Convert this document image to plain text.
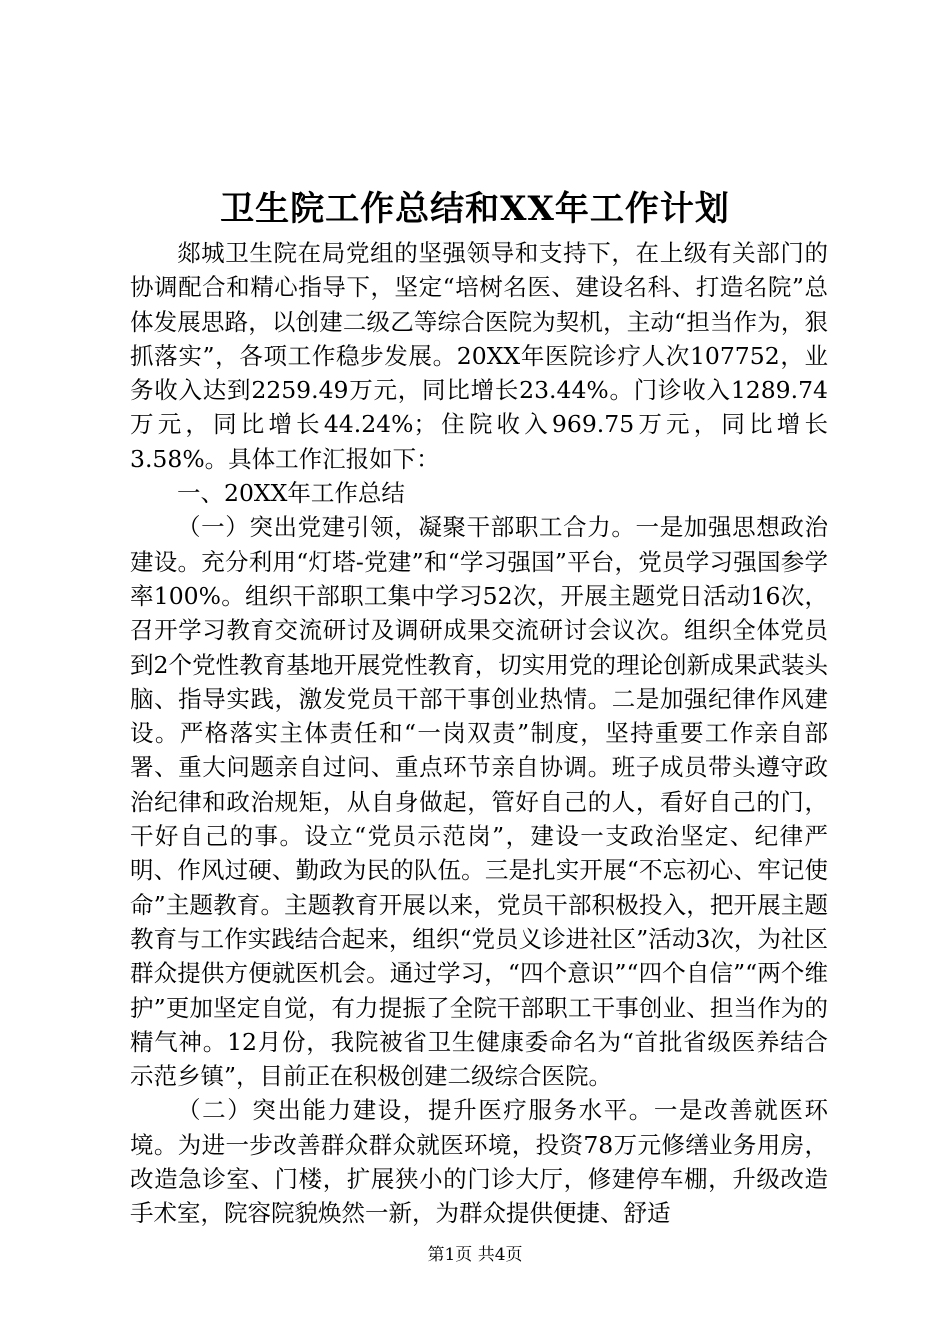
卫生院工作总结和XX年工作计划

郯城卫生院在局党组的坚强领导和支持下，在上级有关部门的协调配合和精心指导下，坚定“培树名医、建设名科、打造名院”总体发展思路，以创建二级乙等综合医院为契机，主动“担当作为，狠抓落实”，各项工作稳步发展。20XX年医院诊疗人次107752，业务收入达到2259.49万元，同比增长23.44%。门诊收入1289.74万元，同比增长44.24%；住院收入969.75万元，同比增长3.58%。具体工作汇报如下：

一、20XX年工作总结

（一）突出党建引领，凝聚干部职工合力。一是加强思想政治建设。充分利用“灯塔-党建”和“学习强国”平台，党员学习强国参学率100%。组织干部职工集中学习52次，开展主题党日活动16次，召开学习教育交流研讨及调研成果交流研讨会议次。组织全体党员到2个党性教育基地开展党性教育，切实用党的理论创新成果武装头脑、指导实践，激发党员干部干事创业热情。二是加强纪律作风建设。严格落实主体责任和“一岗双责”制度，坚持重要工作亲自部署、重大问题亲自过问、重点环节亲自协调。班子成员带头遵守政治纪律和政治规矩，从自身做起，管好自己的人，看好自己的门，干好自己的事。设立“党员示范岗”，建设一支政治坚定、纪律严明、作风过硬、勤政为民的队伍。三是扎实开展“不忘初心、牢记使命”主题教育。主题教育开展以来，党员干部积极投入，把开展主题教育与工作实践结合起来，组织“党员义诊进社区”活动3次，为社区群众提供方便就医机会。通过学习，“四个意识”“四个自信”“两个维护”更加坚定自觉，有力提振了全院干部职工干事创业、担当作为的精气神。12月份，我院被省卫生健康委命名为“首批省级医养结合示范乡镇”，目前正在积极创建二级综合医院。

（二）突出能力建设，提升医疗服务水平。一是改善就医环境。为进一步改善群众群众就医环境，投资78万元修缮业务用房，改造急诊室、门楼，扩展狭小的门诊大厅，修建停车棚，升级改造手术室，院容院貌焕然一新，为群众提供便捷、舒适

第1页 共4页
